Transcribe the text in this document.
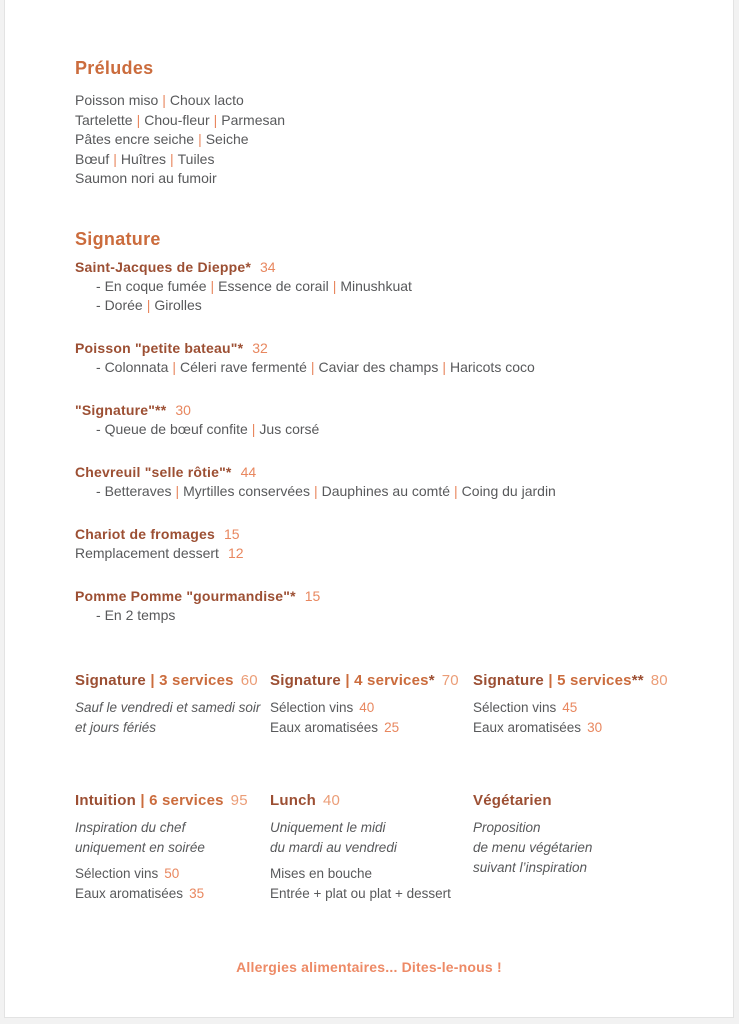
Préludes
Poisson miso | Choux lacto
Tartelette | Chou-fleur | Parmesan
Pâtes encre seiche | Seiche
Bœuf | Huîtres | Tuiles
Saumon nori au fumoir
Signature
Saint-Jacques de Dieppe* 34
- En coque fumée | Essence de corail | Minushkuat
- Dorée | Girolles
Poisson "petite bateau"* 32
- Colonnata | Céleri rave fermenté | Caviar des champs | Haricots coco
"Signature"** 30
- Queue de bœuf confite | Jus corsé
Chevreuil "selle rôtie"* 44
- Betteraves | Myrtilles conservées | Dauphines au comté | Coing du jardin
Chariot de fromages 15
Remplacement dessert 12
Pomme Pomme "gourmandise"* 15
- En 2 temps
Signature | 3 services 60
Sauf le vendredi et samedi soir
et jours fériés
Signature | 4 services* 70
Sélection vins 40
Eaux aromatisées 25
Signature | 5 services** 80
Sélection vins 45
Eaux aromatisées 30
Intuition | 6 services 95
Inspiration du chef
uniquement en soirée
Sélection vins 50
Eaux aromatisées 35
Lunch 40
Uniquement le midi
du mardi au vendredi
Mises en bouche
Entrée + plat ou plat + dessert
Végétarien
Proposition
de menu végétarien
suivant l’inspiration
Allergies alimentaires... Dites-le-nous !
